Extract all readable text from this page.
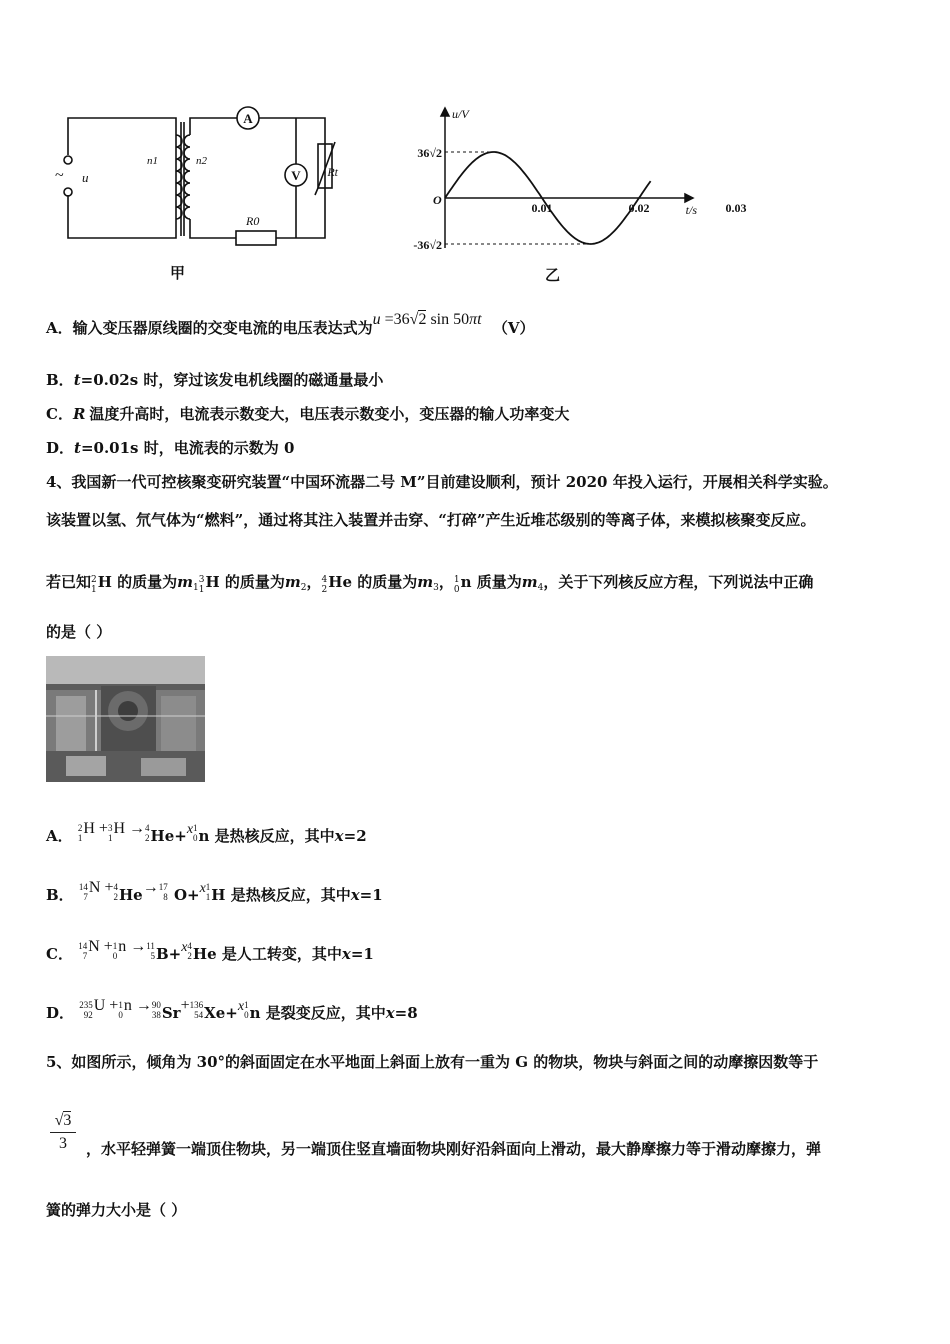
A
V
~ u
n1	n2
Rt
R0
甲
u/V
t/s
O
36√2
-36√2
0.01	0.02	0.03
乙
A．输入变压器原线圈的交变电流的电压表达式为u =36√2 sin 50πt （V）
B．t=0.02s 时，穿过该发电机线圈的磁通量最小
C．R 温度升高时，电流表示数变大，电压表示数变小，变压器的输人功率变大
D．t=0.01s 时，电流表的示数为 0
4、我国新一代可控核聚变研究装置“中国环流器二号 M”目前建设顺利，预计 2020 年投入运行，开展相关科学实验。
该装置以氢、氘气体为“燃料”，通过将其注入装置并击穿、“打碎”产生近堆芯级别的等离子体，来模拟核聚变反应。
若已知 2
1 H 的质量为$m_1$
3
1 H 的质量为$m_2$， 4
2 He 的质量为$m_3$， 1
0 n 质量为$m_4$，关于下列核反应方程，下列说法中正确
的是（ ）
A． 2
1
H + 3
1
H → 4
2 He+x 1
0 n 是热核反应，其中x=2
B． 14
7
N + 4
2 He→ 17
8 O+x 1
1 H 是热核反应，其中x=1
C． 14
7
N + 1
0
n → 11
5 B+x 4
2 He 是人工转变，其中x=1
D． 235
92
U + 1
0
n → 90
38 Sr+ 136
54 Xe+x 1
0 n 是裂变反应，其中x=8
5、如图所示，倾角为 30°的斜面固定在水平地面上斜面上放有一重为 G 的物块，物块与斜面之间的动摩擦因数等于
√3
3	，水平轻弹簧一端顶住物块，另一端顶住竖直墙面物块刚好沿斜面向上滑动，最大静摩擦力等于滑动摩擦力，弹
簧的弹力大小是（ ）
